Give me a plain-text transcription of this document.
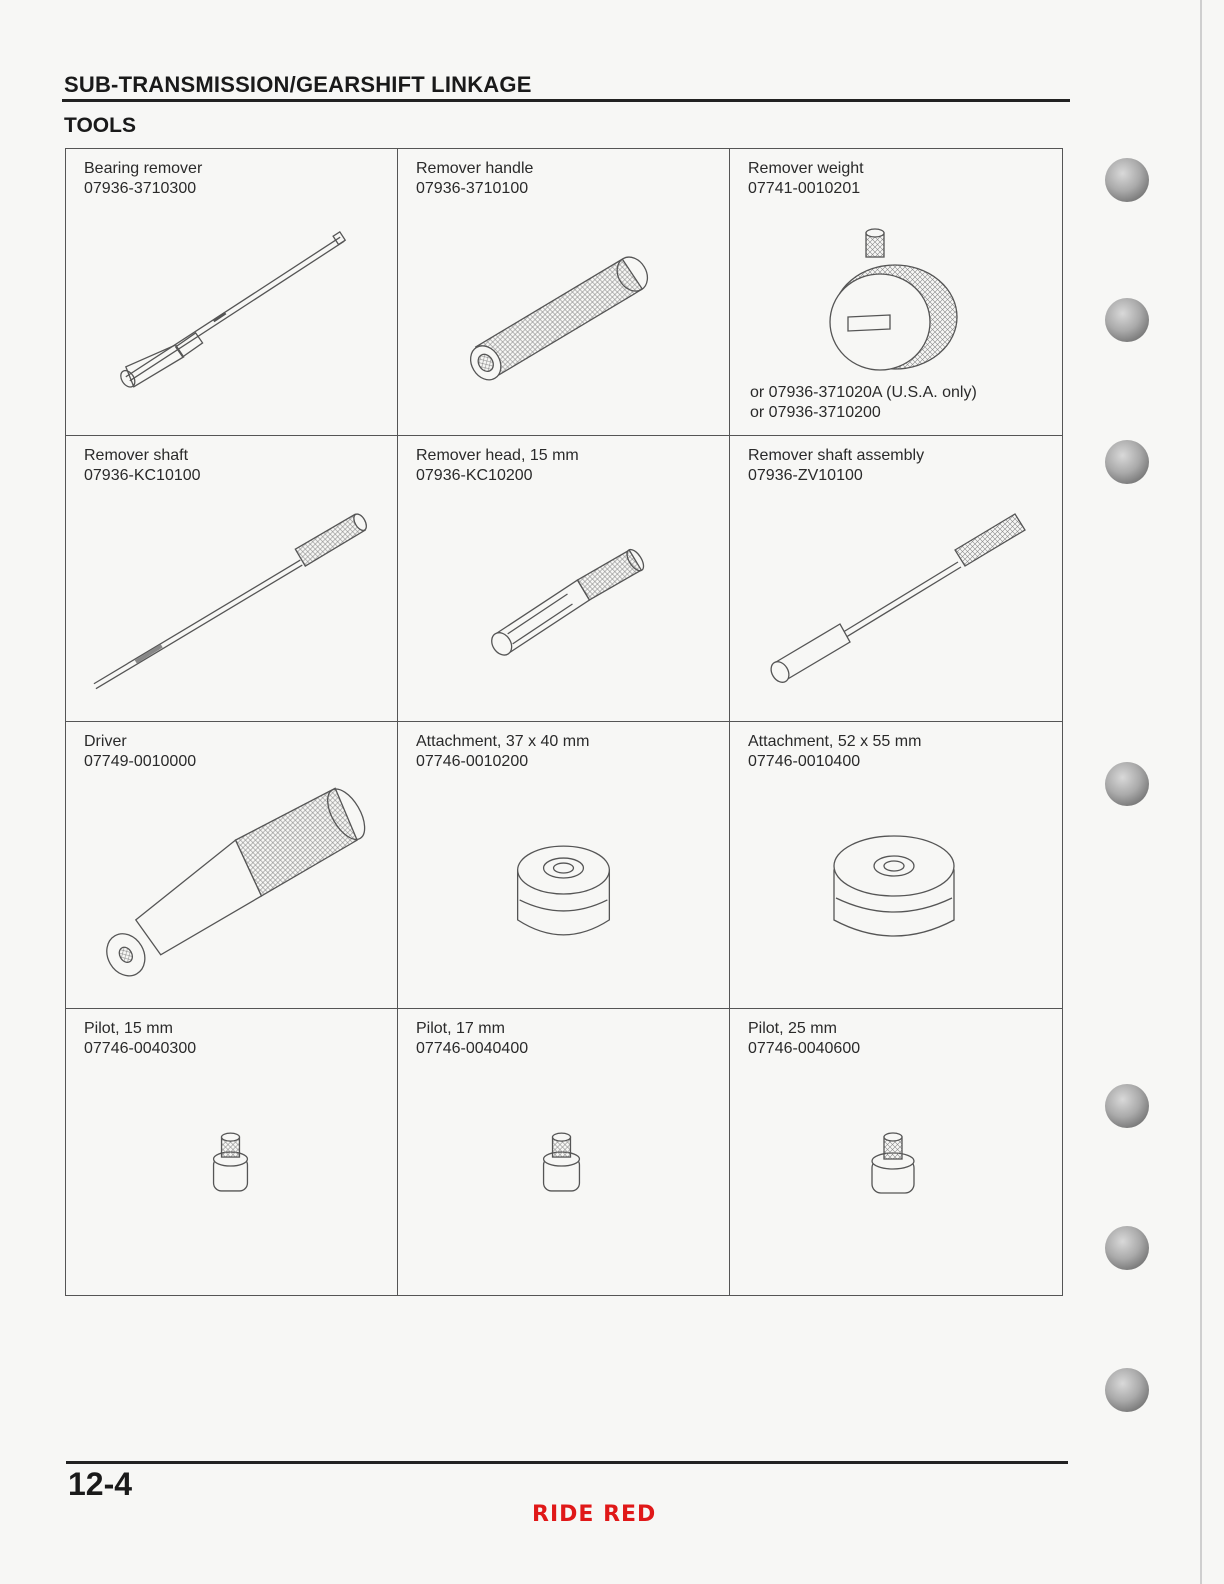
SUB-TRANSMISSION/GEARSHIFT LINKAGE
TOOLS
Bearing remover
07936-3710300
Remover handle
07936-3710100
Remover weight
07741-0010201
or 07936-371020A (U.S.A. only)
or 07936-3710200
Remover shaft
07936-KC10100
Remover head, 15 mm
07936-KC10200
Remover shaft assembly
07936-ZV10100
Driver
07749-0010000
Attachment, 37 x 40 mm
07746-0010200
Attachment, 52 x 55 mm
07746-0010400
Pilot, 15 mm
07746-0040300
Pilot, 17 mm
07746-0040400
Pilot, 25 mm
07746-0040600
12-4
RIDE RED
